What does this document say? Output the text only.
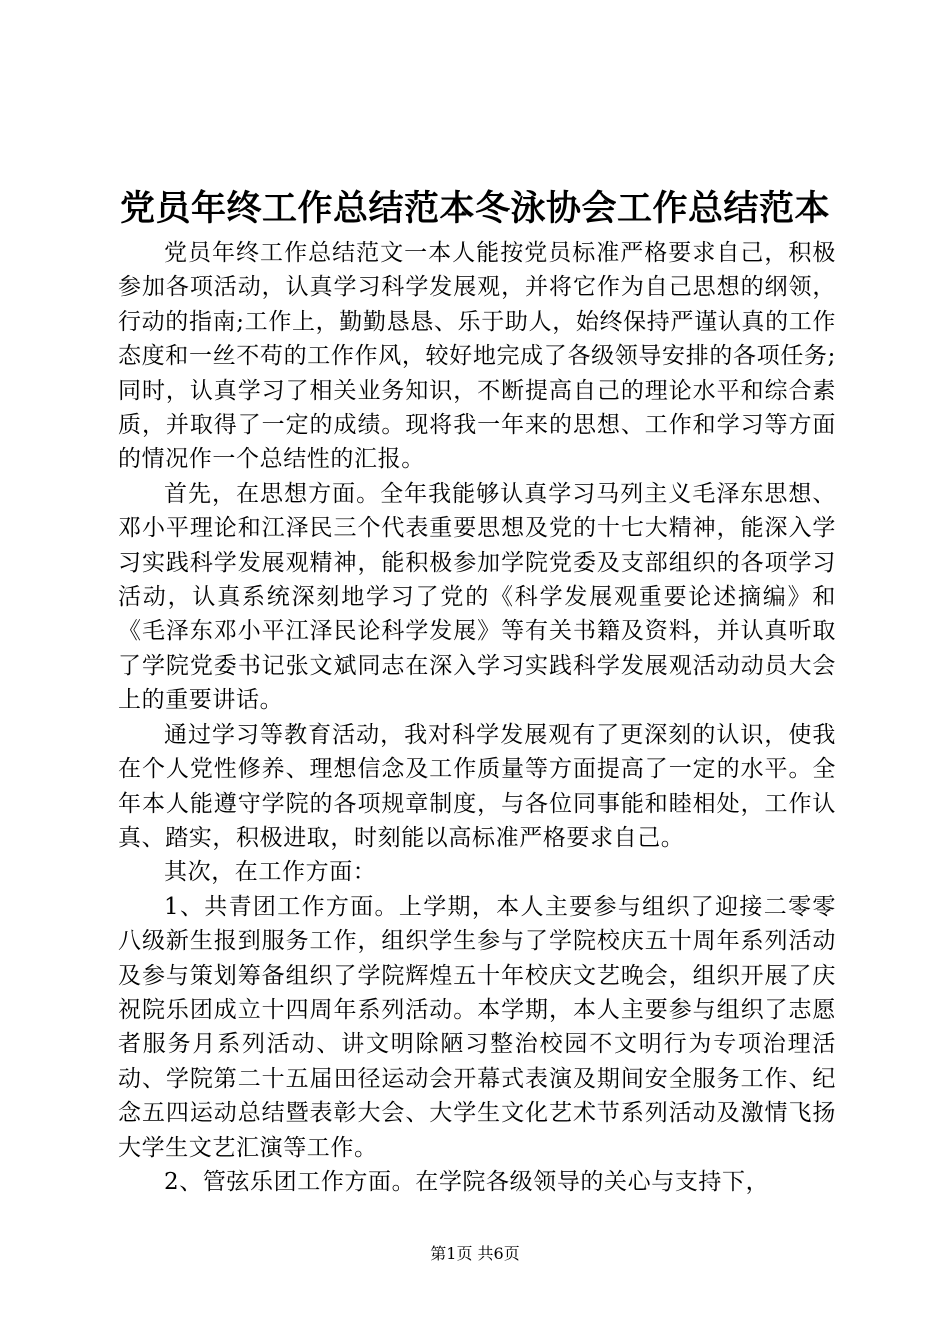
党员年终工作总结范本冬泳协会工作总结范本

党员年终工作总结范文一本人能按党员标准严格要求自己，积极参加各项活动，认真学习科学发展观，并将它作为自己思想的纲领，行动的指南;工作上，勤勤恳恳、乐于助人，始终保持严谨认真的工作态度和一丝不苟的工作作风，较好地完成了各级领导安排的各项任务;同时，认真学习了相关业务知识，不断提高自己的理论水平和综合素质，并取得了一定的成绩。现将我一年来的思想、工作和学习等方面的情况作一个总结性的汇报。

首先，在思想方面。全年我能够认真学习马列主义毛泽东思想、邓小平理论和江泽民三个代表重要思想及党的十七大精神，能深入学习实践科学发展观精神，能积极参加学院党委及支部组织的各项学习活动，认真系统深刻地学习了党的《科学发展观重要论述摘编》和《毛泽东邓小平江泽民论科学发展》等有关书籍及资料，并认真听取了学院党委书记张文斌同志在深入学习实践科学发展观活动动员大会上的重要讲话。

通过学习等教育活动，我对科学发展观有了更深刻的认识，使我在个人党性修养、理想信念及工作质量等方面提高了一定的水平。全年本人能遵守学院的各项规章制度，与各位同事能和睦相处，工作认真、踏实，积极进取，时刻能以高标准严格要求自己。

其次，在工作方面：

1、共青团工作方面。上学期，本人主要参与组织了迎接二零零八级新生报到服务工作，组织学生参与了学院校庆五十周年系列活动及参与策划筹备组织了学院辉煌五十年校庆文艺晚会，组织开展了庆祝院乐团成立十四周年系列活动。本学期，本人主要参与组织了志愿者服务月系列活动、讲文明除陋习整治校园不文明行为专项治理活动、学院第二十五届田径运动会开幕式表演及期间安全服务工作、纪念五四运动总结暨表彰大会、大学生文化艺术节系列活动及激情飞扬大学生文艺汇演等工作。

2、管弦乐团工作方面。在学院各级领导的关心与支持下，

第1页 共6页
